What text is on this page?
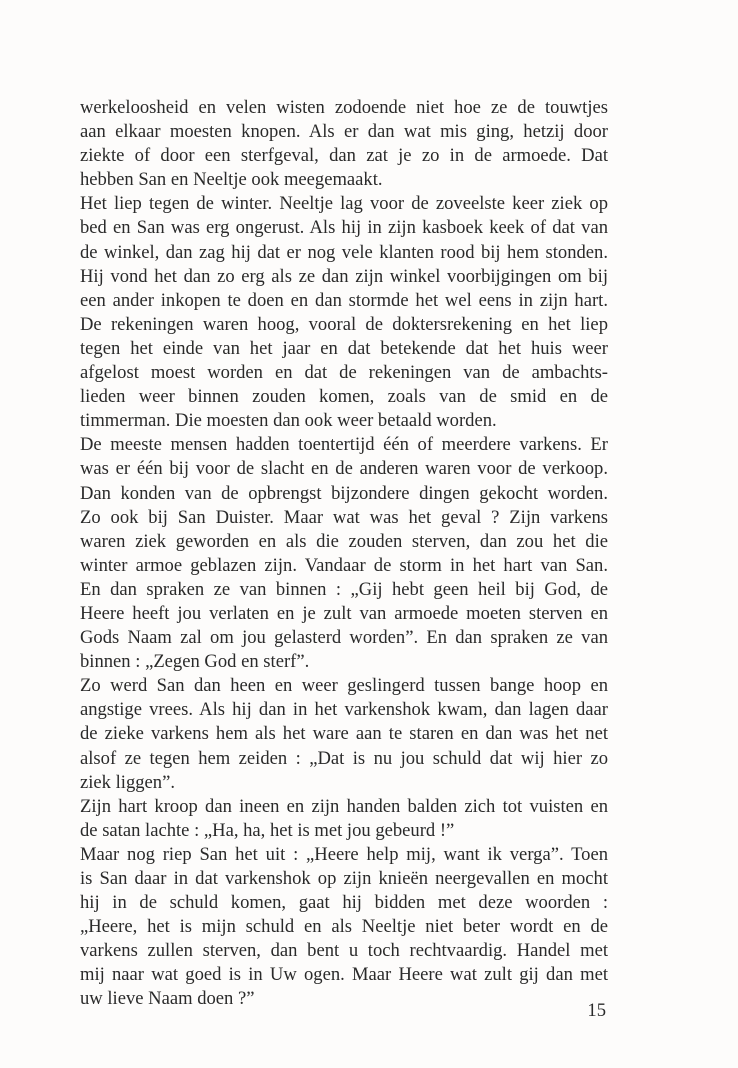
werkeloosheid en velen wisten zodoende niet hoe ze de touwtjes
aan elkaar moesten knopen. Als er dan wat mis ging, hetzij door
ziekte of door een sterfgeval, dan zat je zo in de armoede. Dat
hebben San en Neeltje ook meegemaakt.
Het liep tegen de winter. Neeltje lag voor de zoveelste keer ziek op
bed en San was erg ongerust. Als hij in zijn kasboek keek of dat van
de winkel, dan zag hij dat er nog vele klanten rood bij hem stonden.
Hij vond het dan zo erg als ze dan zijn winkel voorbijgingen om bij
een ander inkopen te doen en dan stormde het wel eens in zijn hart.
De rekeningen waren hoog, vooral de doktersrekening en het liep
tegen het einde van het jaar en dat betekende dat het huis weer
afgelost moest worden en dat de rekeningen van de ambachts-
lieden weer binnen zouden komen, zoals van de smid en de
timmerman. Die moesten dan ook weer betaald worden.
De meeste mensen hadden toentertijd één of meerdere varkens. Er
was er één bij voor de slacht en de anderen waren voor de verkoop.
Dan konden van de opbrengst bijzondere dingen gekocht worden.
Zo ook bij San Duister. Maar wat was het geval ? Zijn varkens
waren ziek geworden en als die zouden sterven, dan zou het die
winter armoe geblazen zijn. Vandaar de storm in het hart van San.
En dan spraken ze van binnen : „Gij hebt geen heil bij God, de
Heere heeft jou verlaten en je zult van armoede moeten sterven en
Gods Naam zal om jou gelasterd worden”. En dan spraken ze van
binnen : „Zegen God en sterf”.
Zo werd San dan heen en weer geslingerd tussen bange hoop en
angstige vrees. Als hij dan in het varkenshok kwam, dan lagen daar
de zieke varkens hem als het ware aan te staren en dan was het net
alsof ze tegen hem zeiden : „Dat is nu jou schuld dat wij hier zo
ziek liggen”.
Zijn hart kroop dan ineen en zijn handen balden zich tot vuisten en
de satan lachte : „Ha, ha, het is met jou gebeurd !”
Maar nog riep San het uit : „Heere help mij, want ik verga”. Toen
is San daar in dat varkenshok op zijn knieën neergevallen en mocht
hij in de schuld komen, gaat hij bidden met deze woorden :
„Heere, het is mijn schuld en als Neeltje niet beter wordt en de
varkens zullen sterven, dan bent u toch rechtvaardig. Handel met
mij naar wat goed is in Uw ogen. Maar Heere wat zult gij dan met
uw lieve Naam doen ?”
15
